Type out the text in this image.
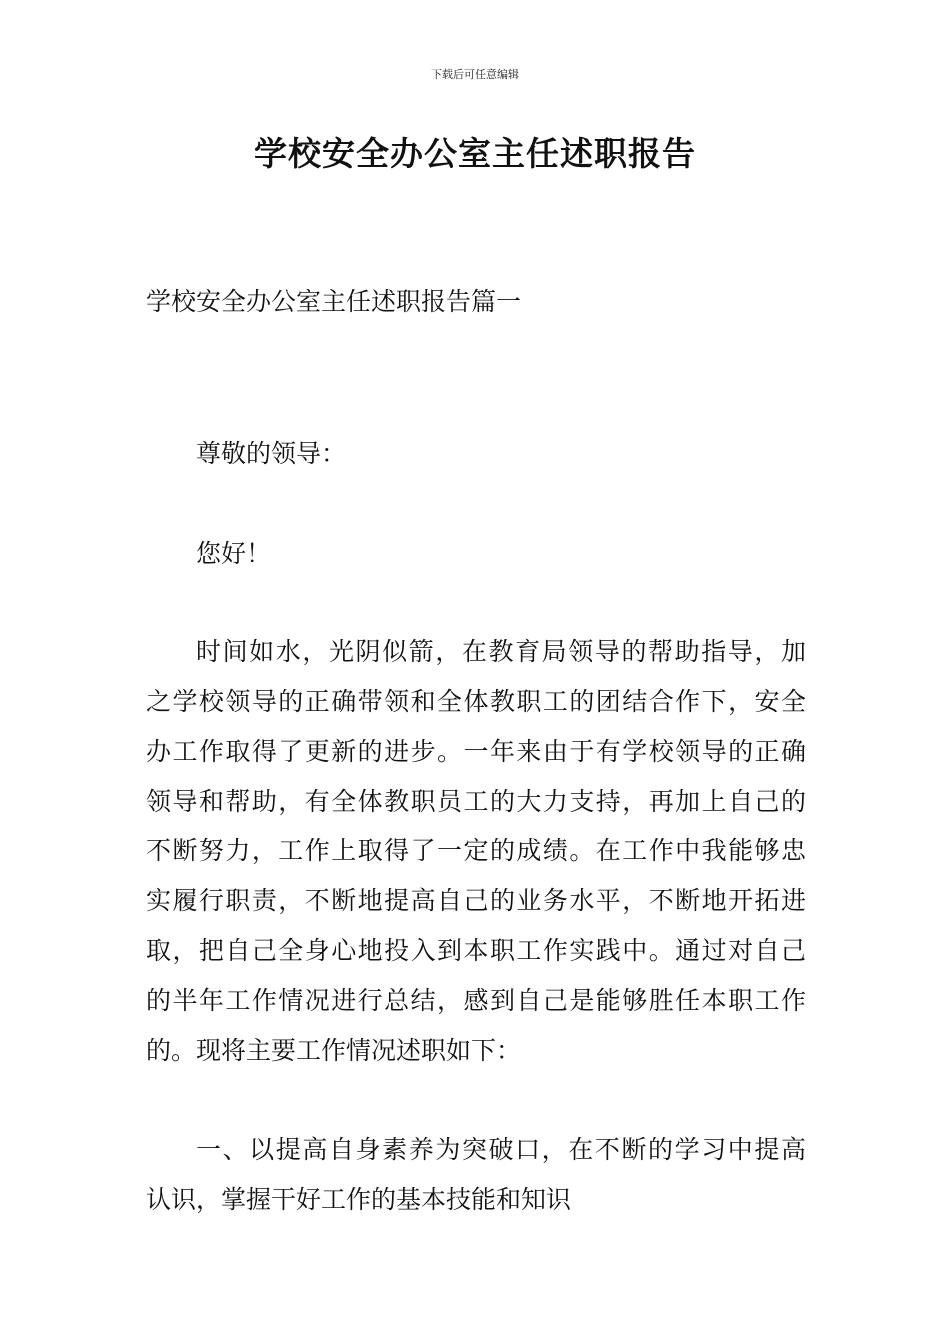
下载后可任意编辑
学校安全办公室主任述职报告
学校安全办公室主任述职报告篇一
尊敬的领导：
您好！
时间如水，光阴似箭，在教育局领导的帮助指导，加
之学校领导的正确带领和全体教职工的团结合作下，安全
办工作取得了更新的进步。一年来由于有学校领导的正确
领导和帮助，有全体教职员工的大力支持，再加上自己的
不断努力，工作上取得了一定的成绩。在工作中我能够忠
实履行职责，不断地提高自己的业务水平，不断地开拓进
取，把自己全身心地投入到本职工作实践中。通过对自己
的半年工作情况进行总结，感到自己是能够胜任本职工作
的。现将主要工作情况述职如下：
一、以提高自身素养为突破口，在不断的学习中提高
认识，掌握干好工作的基本技能和知识
